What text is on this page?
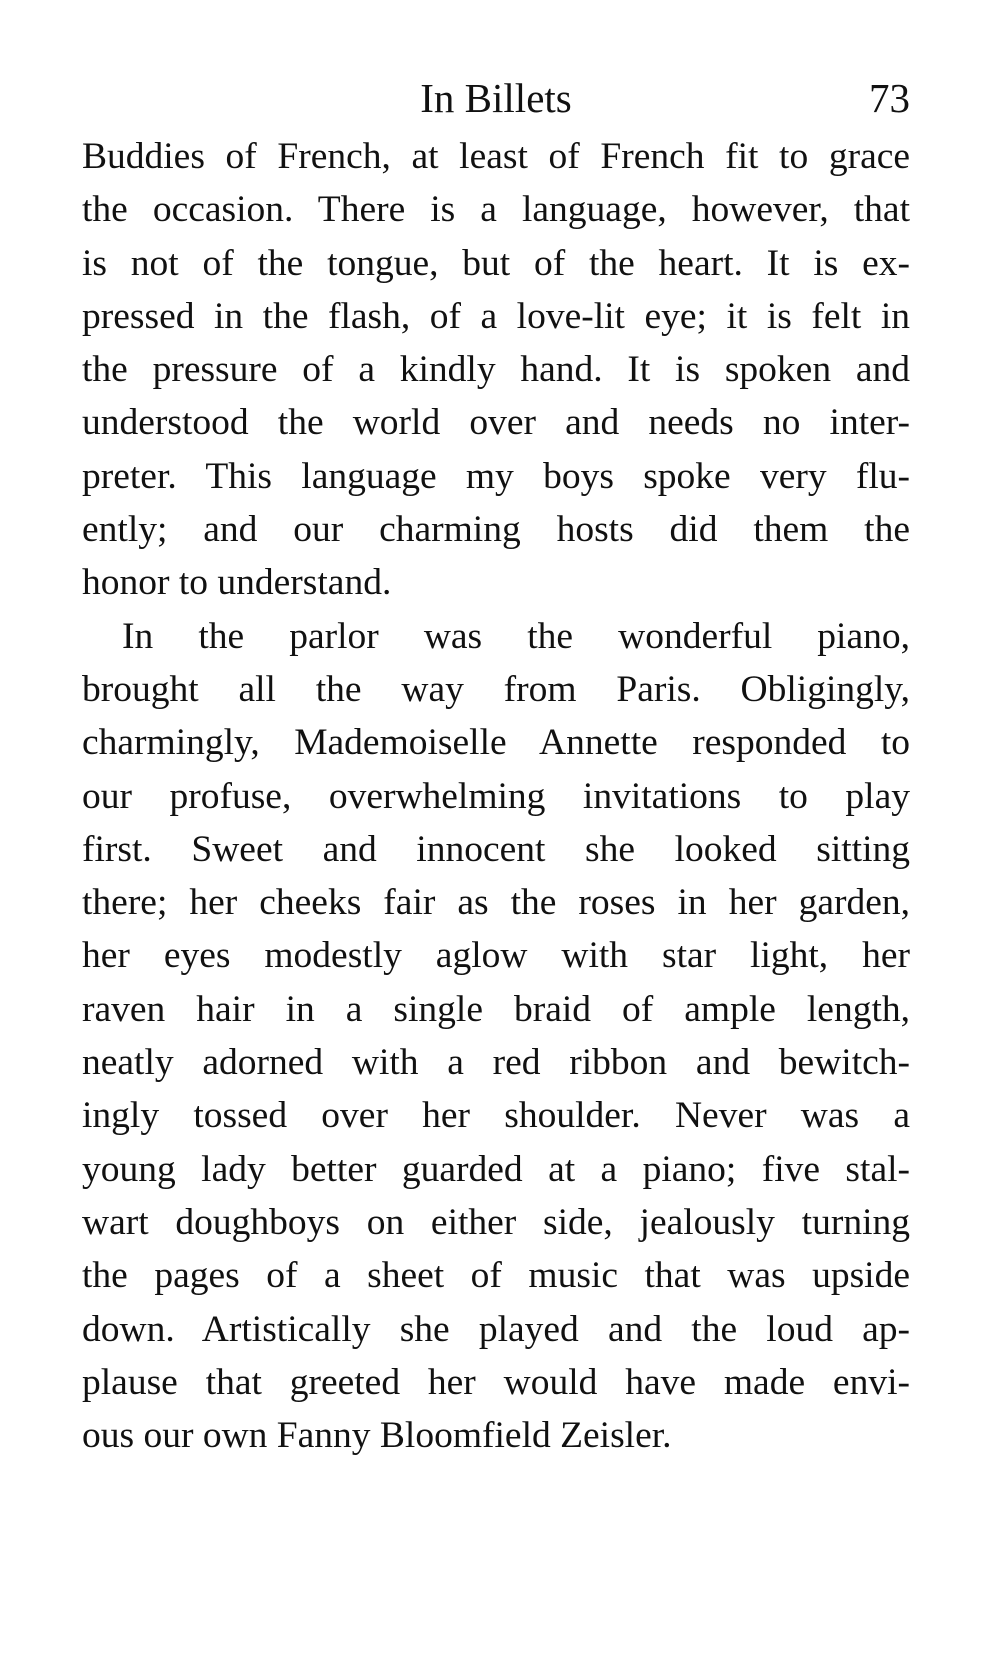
In Billets	73
Buddies of French, at least of French fit to grace
the occasion. There is a language, however, that
is not of the tongue, but of the heart. It is ex-
pressed in the flash, of a love-lit eye; it is felt in
the pressure of a kindly hand. It is spoken and
understood the world over and needs no inter-
preter. This language my boys spoke very flu-
ently; and our charming hosts did them the
honor to understand.
In the parlor was the wonderful piano,
brought all the way from Paris. Obligingly,
charmingly, Mademoiselle Annette responded to
our profuse, overwhelming invitations to play
first. Sweet and innocent she looked sitting
there; her cheeks fair as the roses in her garden,
her eyes modestly aglow with star light, her
raven hair in a single braid of ample length,
neatly adorned with a red ribbon and bewitch-
ingly tossed over her shoulder. Never was a
young lady better guarded at a piano; five stal-
wart doughboys on either side, jealously turning
the pages of a sheet of music that was upside
down. Artistically she played and the loud ap-
plause that greeted her would have made envi-
ous our own Fanny Bloomfield Zeisler.
